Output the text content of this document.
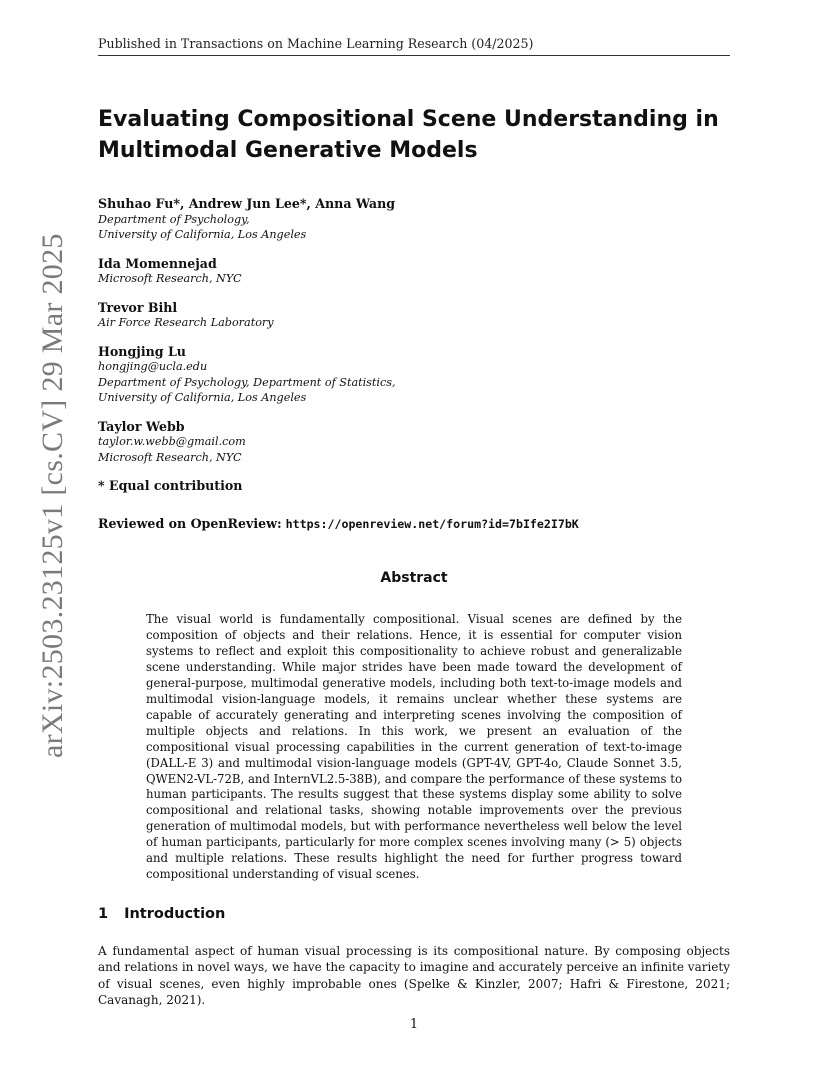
Published in Transactions on Machine Learning Research (04/2025)
arXiv:2503.23125v1 [cs.CV] 29 Mar 2025
Evaluating Compositional Scene Understanding in Multimodal Generative Models
Shuhao Fu*, Andrew Jun Lee*, Anna Wang
Department of Psychology,
University of California, Los Angeles
Ida Momennejad
Microsoft Research, NYC
Trevor Bihl
Air Force Research Laboratory
Hongjing Lu
hongjing@ucla.edu
Department of Psychology, Department of Statistics,
University of California, Los Angeles
Taylor Webb
taylor.w.webb@gmail.com
Microsoft Research, NYC
* Equal contribution
Reviewed on OpenReview: https://openreview.net/forum?id=7bIfe2I7bK
Abstract
The visual world is fundamentally compositional. Visual scenes are defined by the composition of objects and their relations. Hence, it is essential for computer vision systems to reflect and exploit this compositionality to achieve robust and generalizable scene understanding. While major strides have been made toward the development of general-purpose, multimodal generative models, including both text-to-image models and multimodal vision-language models, it remains unclear whether these systems are capable of accurately generating and interpreting scenes involving the composition of multiple objects and relations. In this work, we present an evaluation of the compositional visual processing capabilities in the current generation of text-to-image (DALL-E 3) and multimodal vision-language models (GPT-4V, GPT-4o, Claude Sonnet 3.5, QWEN2-VL-72B, and InternVL2.5-38B), and compare the performance of these systems to human participants. The results suggest that these systems display some ability to solve compositional and relational tasks, showing notable improvements over the previous generation of multimodal models, but with performance nevertheless well below the level of human participants, particularly for more complex scenes involving many (> 5) objects and multiple relations. These results highlight the need for further progress toward compositional understanding of visual scenes.
1 Introduction
A fundamental aspect of human visual processing is its compositional nature. By composing objects and relations in novel ways, we have the capacity to imagine and accurately perceive an infinite variety of visual scenes, even highly improbable ones (Spelke & Kinzler, 2007; Hafri & Firestone, 2021; Cavanagh, 2021).
1
